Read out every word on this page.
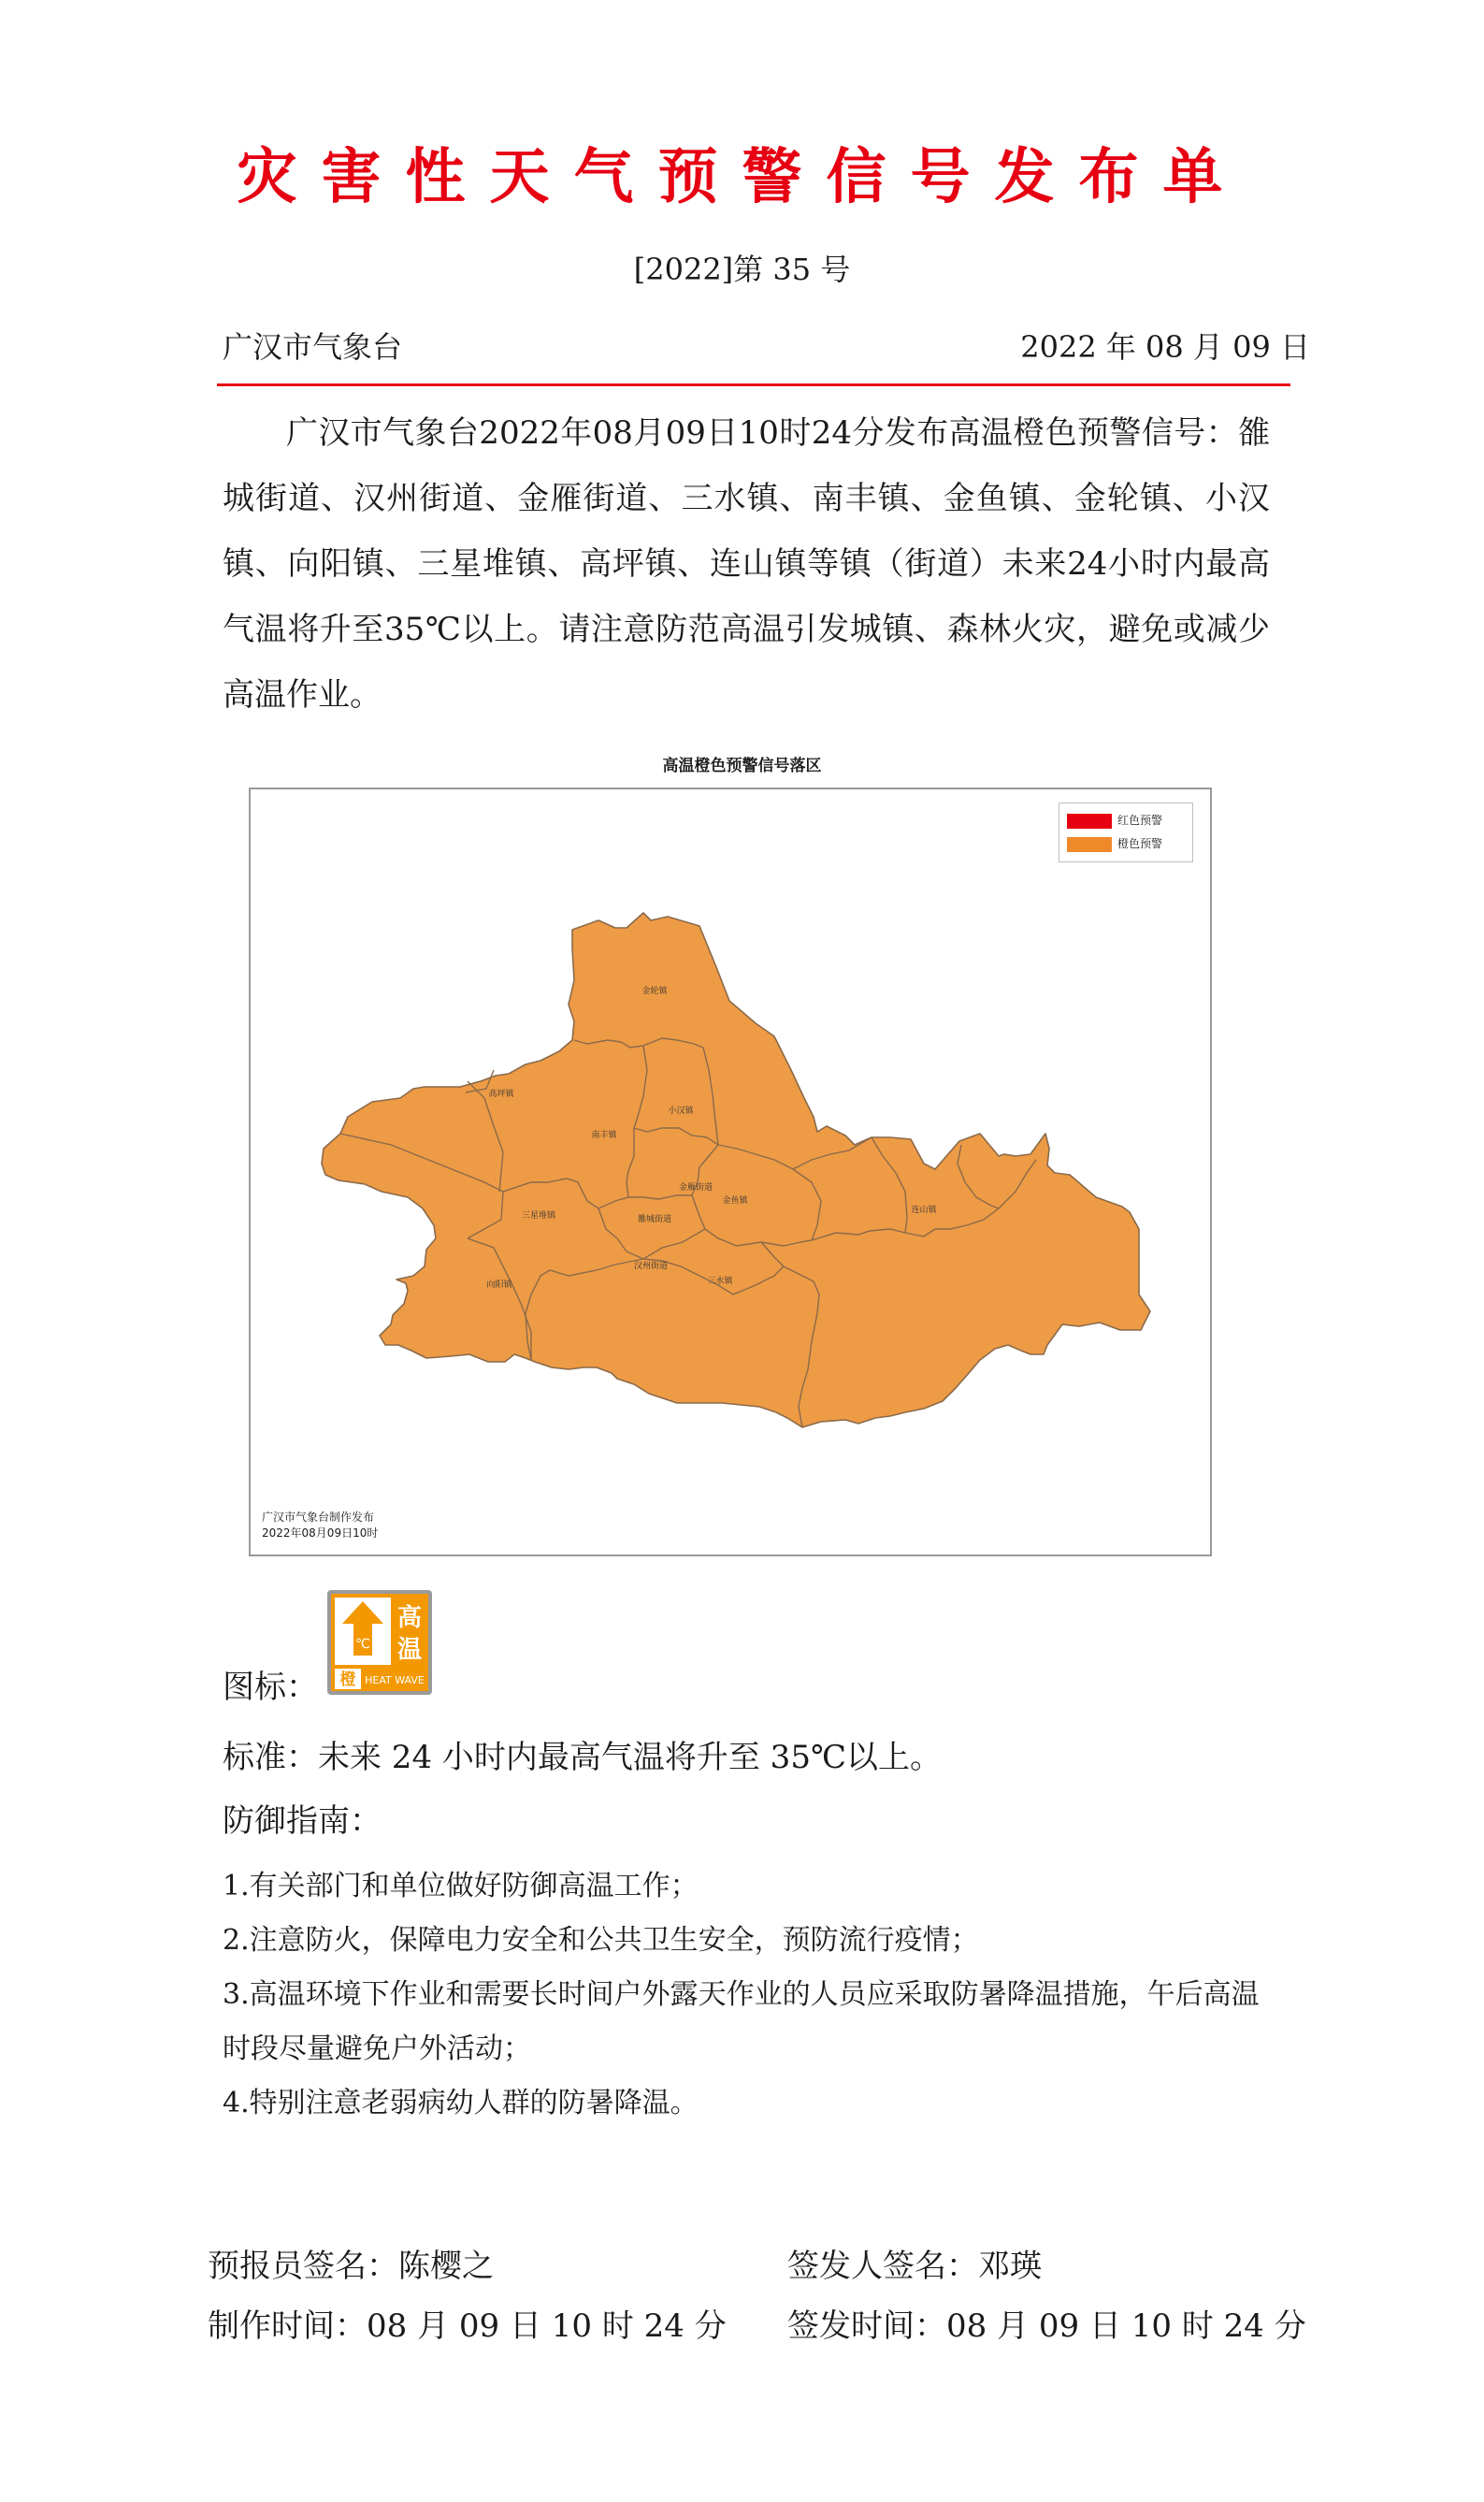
灾害性天气预警信号发布单
[2022]第 35 号
广汉市气象台	2022 年 08 月 09 日
广汉市气象台2022年08月09日10时24分发布高温橙色预警信号：雒城街道、汉州街道、金雁街道、三水镇、南丰镇、金鱼镇、金轮镇、小汉镇、向阳镇、三星堆镇、高坪镇、连山镇等镇（街道）未来24小时内最高气温将升至35℃以上。请注意防范高温引发城镇、森林火灾，避免或减少高温作业。
高温橙色预警信号落区
金轮镇
高坪镇
小汉镇
南丰镇
金雁街道
三星堆镇	雒城街道
金鱼镇
连山镇
汉州街道
向阳镇	三水镇
红色预警
橙色预警
广汉市气象台制作发布
2022年08月09日10时
图标：
℃
高
温
橙 HEAT WAVE
标准：未来 24 小时内最高气温将升至 35℃以上。
防御指南：

1.有关部门和单位做好防御高温工作；

2.注意防火，保障电力安全和公共卫生安全，预防流行疫情；

3.高温环境下作业和需要长时间户外露天作业的人员应采取防暑降温措施，午后高温时段尽量避免户外活动；

4.特别注意老弱病幼人群的防暑降温。

预报员签名：陈樱之	签发人签名：邓瑛
制作时间：08 月 09 日 10 时 24 分 签发时间：08 月 09 日 10 时 24 分
